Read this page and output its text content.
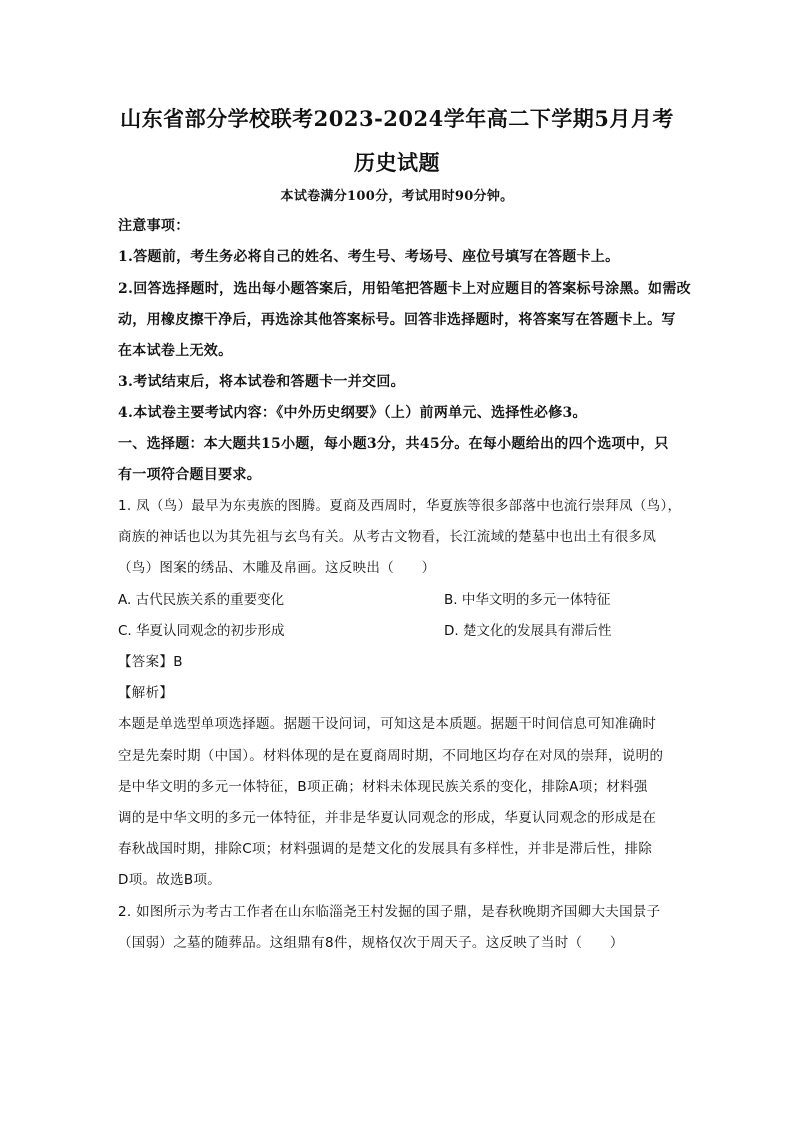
山东省部分学校联考2023-2024学年高二下学期5月月考
历史试题
本试卷满分100分，考试用时90分钟。
注意事项：
1.答题前，考生务必将自己的姓名、考生号、考场号、座位号填写在答题卡上。
2.回答选择题时，选出每小题答案后，用铅笔把答题卡上对应题目的答案标号涂黑。如需改
动，用橡皮擦干净后，再选涂其他答案标号。回答非选择题时，将答案写在答题卡上。写
在本试卷上无效。
3.考试结束后，将本试卷和答题卡一并交回。
4.本试卷主要考试内容：《中外历史纲要》（上）前两单元、选择性必修3。
一、选择题：本大题共15小题，每小题3分，共45分。在每小题给出的四个选项中，只
有一项符合题目要求。
1. 凤（鸟）最早为东夷族的图腾。夏商及西周时，华夏族等很多部落中也流行崇拜凤（鸟），
商族的神话也以为其先祖与玄鸟有关。从考古文物看，长江流域的楚墓中也出土有很多凤
（鸟）图案的绣品、木雕及帛画。这反映出（　　）
A. 古代民族关系的重要变化	B. 中华文明的多元一体特征
C. 华夏认同观念的初步形成	D. 楚文化的发展具有滞后性
【答案】B
【解析】
本题是单选型单项选择题。据题干设问词，可知这是本质题。据题干时间信息可知准确时
空是先秦时期（中国）。材料体现的是在夏商周时期，不同地区均存在对凤的崇拜，说明的
是中华文明的多元一体特征，B项正确；材料未体现民族关系的变化，排除A项；材料强
调的是中华文明的多元一体特征，并非是华夏认同观念的形成，华夏认同观念的形成是在
春秋战国时期，排除C项；材料强调的是楚文化的发展具有多样性，并非是滞后性，排除
D项。故选B项。
2. 如图所示为考古工作者在山东临淄尧王村发掘的国子鼎，是春秋晚期齐国卿大夫国景子
（国弱）之墓的随葬品。这组鼎有8件，规格仅次于周天子。这反映了当时（　　）
